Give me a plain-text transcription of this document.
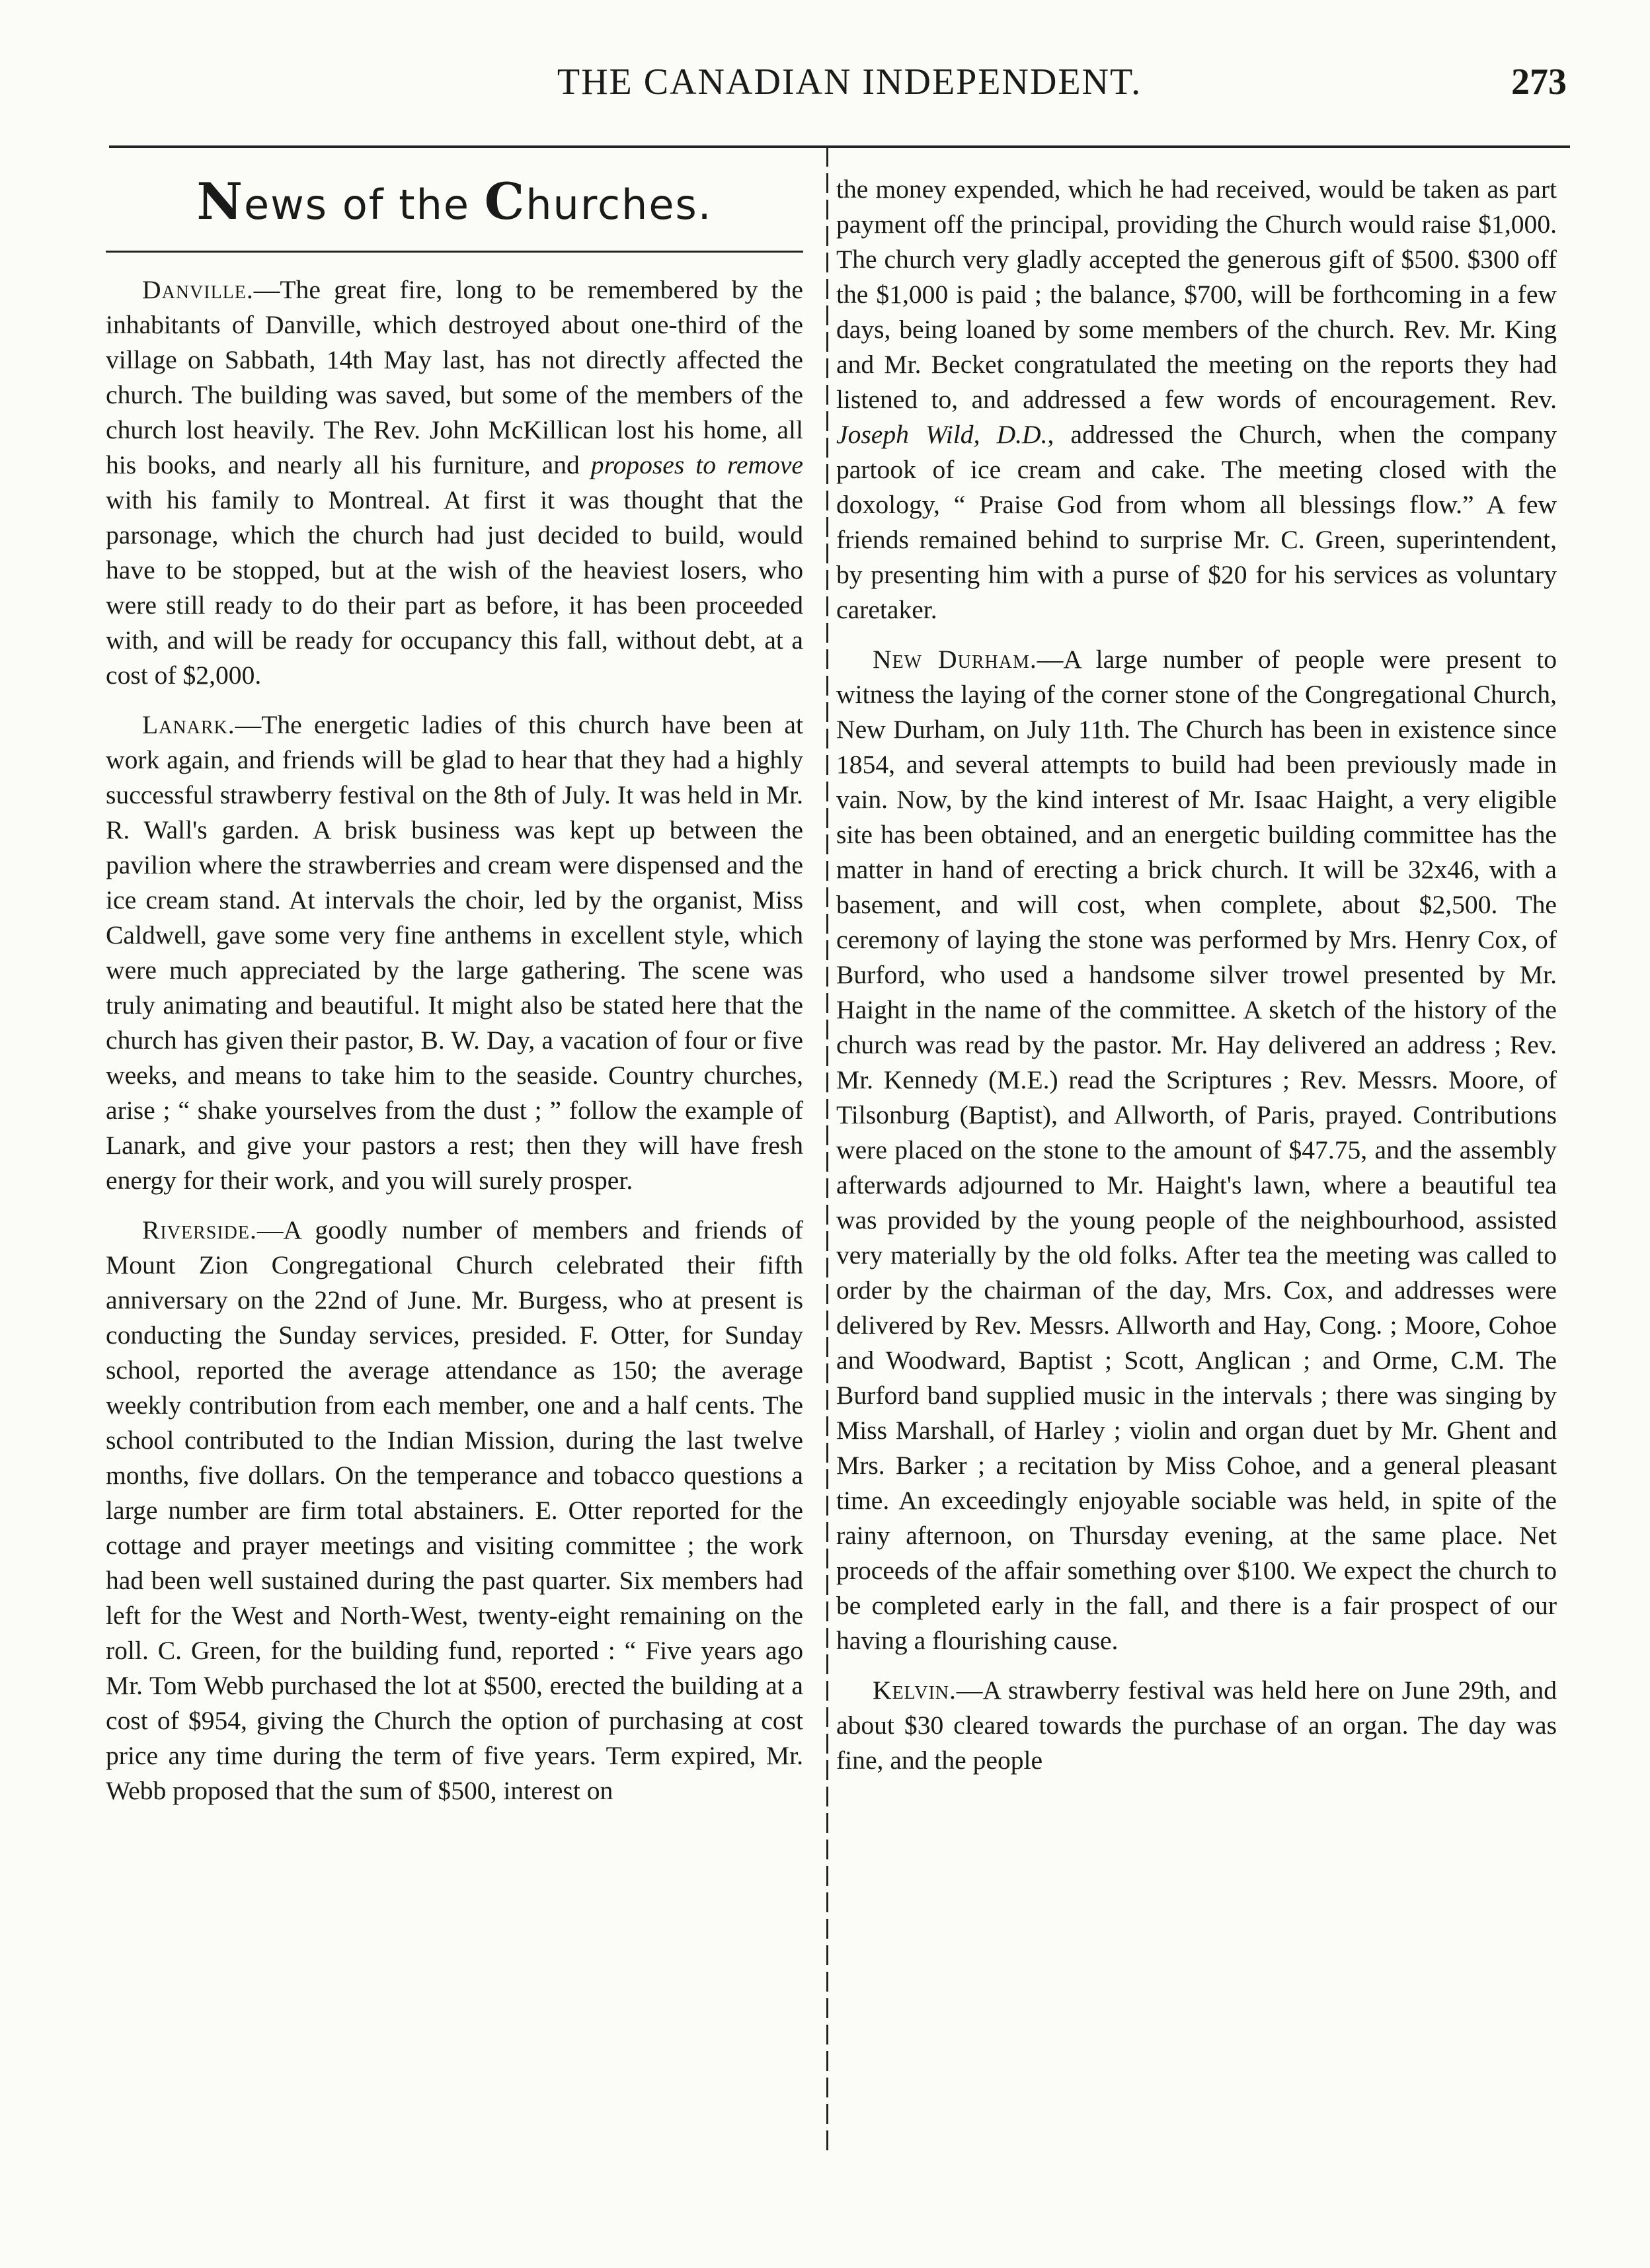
THE CANADIAN INDEPENDENT.	273
News of the Churches.

Danville.—The great fire, long to be remembered by the inhabitants of Danville, which destroyed about one-third of the village on Sabbath, 14th May last, has not directly affected the church. The building was saved, but some of the members of the church lost heavily. The Rev. John McKillican lost his home, all his books, and nearly all his furniture, and proposes to remove with his family to Montreal. At first it was thought that the parsonage, which the church had just decided to build, would have to be stopped, but at the wish of the heaviest losers, who were still ready to do their part as before, it has been proceeded with, and will be ready for occupancy this fall, without debt, at a cost of $2,000.

Lanark.—The energetic ladies of this church have been at work again, and friends will be glad to hear that they had a highly successful strawberry festival on the 8th of July. It was held in Mr. R. Wall's garden. A brisk business was kept up between the pavilion where the strawberries and cream were dispensed and the ice cream stand. At intervals the choir, led by the organist, Miss Caldwell, gave some very fine anthems in excellent style, which were much appreciated by the large gathering. The scene was truly animating and beautiful. It might also be stated here that the church has given their pastor, B. W. Day, a vacation of four or five weeks, and means to take him to the seaside. Country churches, arise ; “ shake yourselves from the dust ; ” follow the example of Lanark, and give your pastors a rest; then they will have fresh energy for their work, and you will surely prosper.

Riverside.—A goodly number of members and friends of Mount Zion Congregational Church celebrated their fifth anniversary on the 22nd of June. Mr. Burgess, who at present is conducting the Sunday services, presided. F. Otter, for Sunday school, reported the average attendance as 150; the average weekly contribution from each member, one and a half cents. The school contributed to the Indian Mission, during the last twelve months, five dollars. On the temperance and tobacco questions a large number are firm total abstainers. E. Otter reported for the cottage and prayer meetings and visiting committee ; the work had been well sustained during the past quarter. Six members had left for the West and North-West, twenty-eight remaining on the roll. C. Green, for the building fund, reported : “ Five years ago Mr. Tom Webb purchased the lot at $500, erected the building at a cost of $954, giving the Church the option of purchasing at cost price any time during the term of five years. Term expired, Mr. Webb proposed that the sum of $500, interest on

the money expended, which he had received, would be taken as part payment off the principal, providing the Church would raise $1,000. The church very gladly accepted the generous gift of $500. $300 off the $1,000 is paid ; the balance, $700, will be forthcoming in a few days, being loaned by some members of the church. Rev. Mr. King and Mr. Becket congratulated the meeting on the reports they had listened to, and addressed a few words of encouragement. Rev. Joseph Wild, D.D., addressed the Church, when the company partook of ice cream and cake. The meeting closed with the doxology, “ Praise God from whom all blessings flow.” A few friends remained behind to surprise Mr. C. Green, superintendent, by presenting him with a purse of $20 for his services as voluntary caretaker.

New Durham.—A large number of people were present to witness the laying of the corner stone of the Congregational Church, New Durham, on July 11th. The Church has been in existence since 1854, and several attempts to build had been previously made in vain. Now, by the kind interest of Mr. Isaac Haight, a very eligible site has been obtained, and an energetic building committee has the matter in hand of erecting a brick church. It will be 32x46, with a basement, and will cost, when complete, about $2,500. The ceremony of laying the stone was performed by Mrs. Henry Cox, of Burford, who used a handsome silver trowel presented by Mr. Haight in the name of the committee. A sketch of the history of the church was read by the pastor. Mr. Hay delivered an address ; Rev. Mr. Kennedy (M.E.) read the Scriptures ; Rev. Messrs. Moore, of Tilsonburg (Baptist), and Allworth, of Paris, prayed. Contributions were placed on the stone to the amount of $47.75, and the assembly afterwards adjourned to Mr. Haight's lawn, where a beautiful tea was provided by the young people of the neighbourhood, assisted very materially by the old folks. After tea the meeting was called to order by the chairman of the day, Mrs. Cox, and addresses were delivered by Rev. Messrs. Allworth and Hay, Cong. ; Moore, Cohoe and Woodward, Baptist ; Scott, Anglican ; and Orme, C.M. The Burford band supplied music in the intervals ; there was singing by Miss Marshall, of Harley ; violin and organ duet by Mr. Ghent and Mrs. Barker ; a recitation by Miss Cohoe, and a general pleasant time. An exceedingly enjoyable sociable was held, in spite of the rainy afternoon, on Thursday evening, at the same place. Net proceeds of the affair something over $100. We expect the church to be completed early in the fall, and there is a fair prospect of our having a flourishing cause.

Kelvin.—A strawberry festival was held here on June 29th, and about $30 cleared towards the purchase of an organ. The day was fine, and the people
